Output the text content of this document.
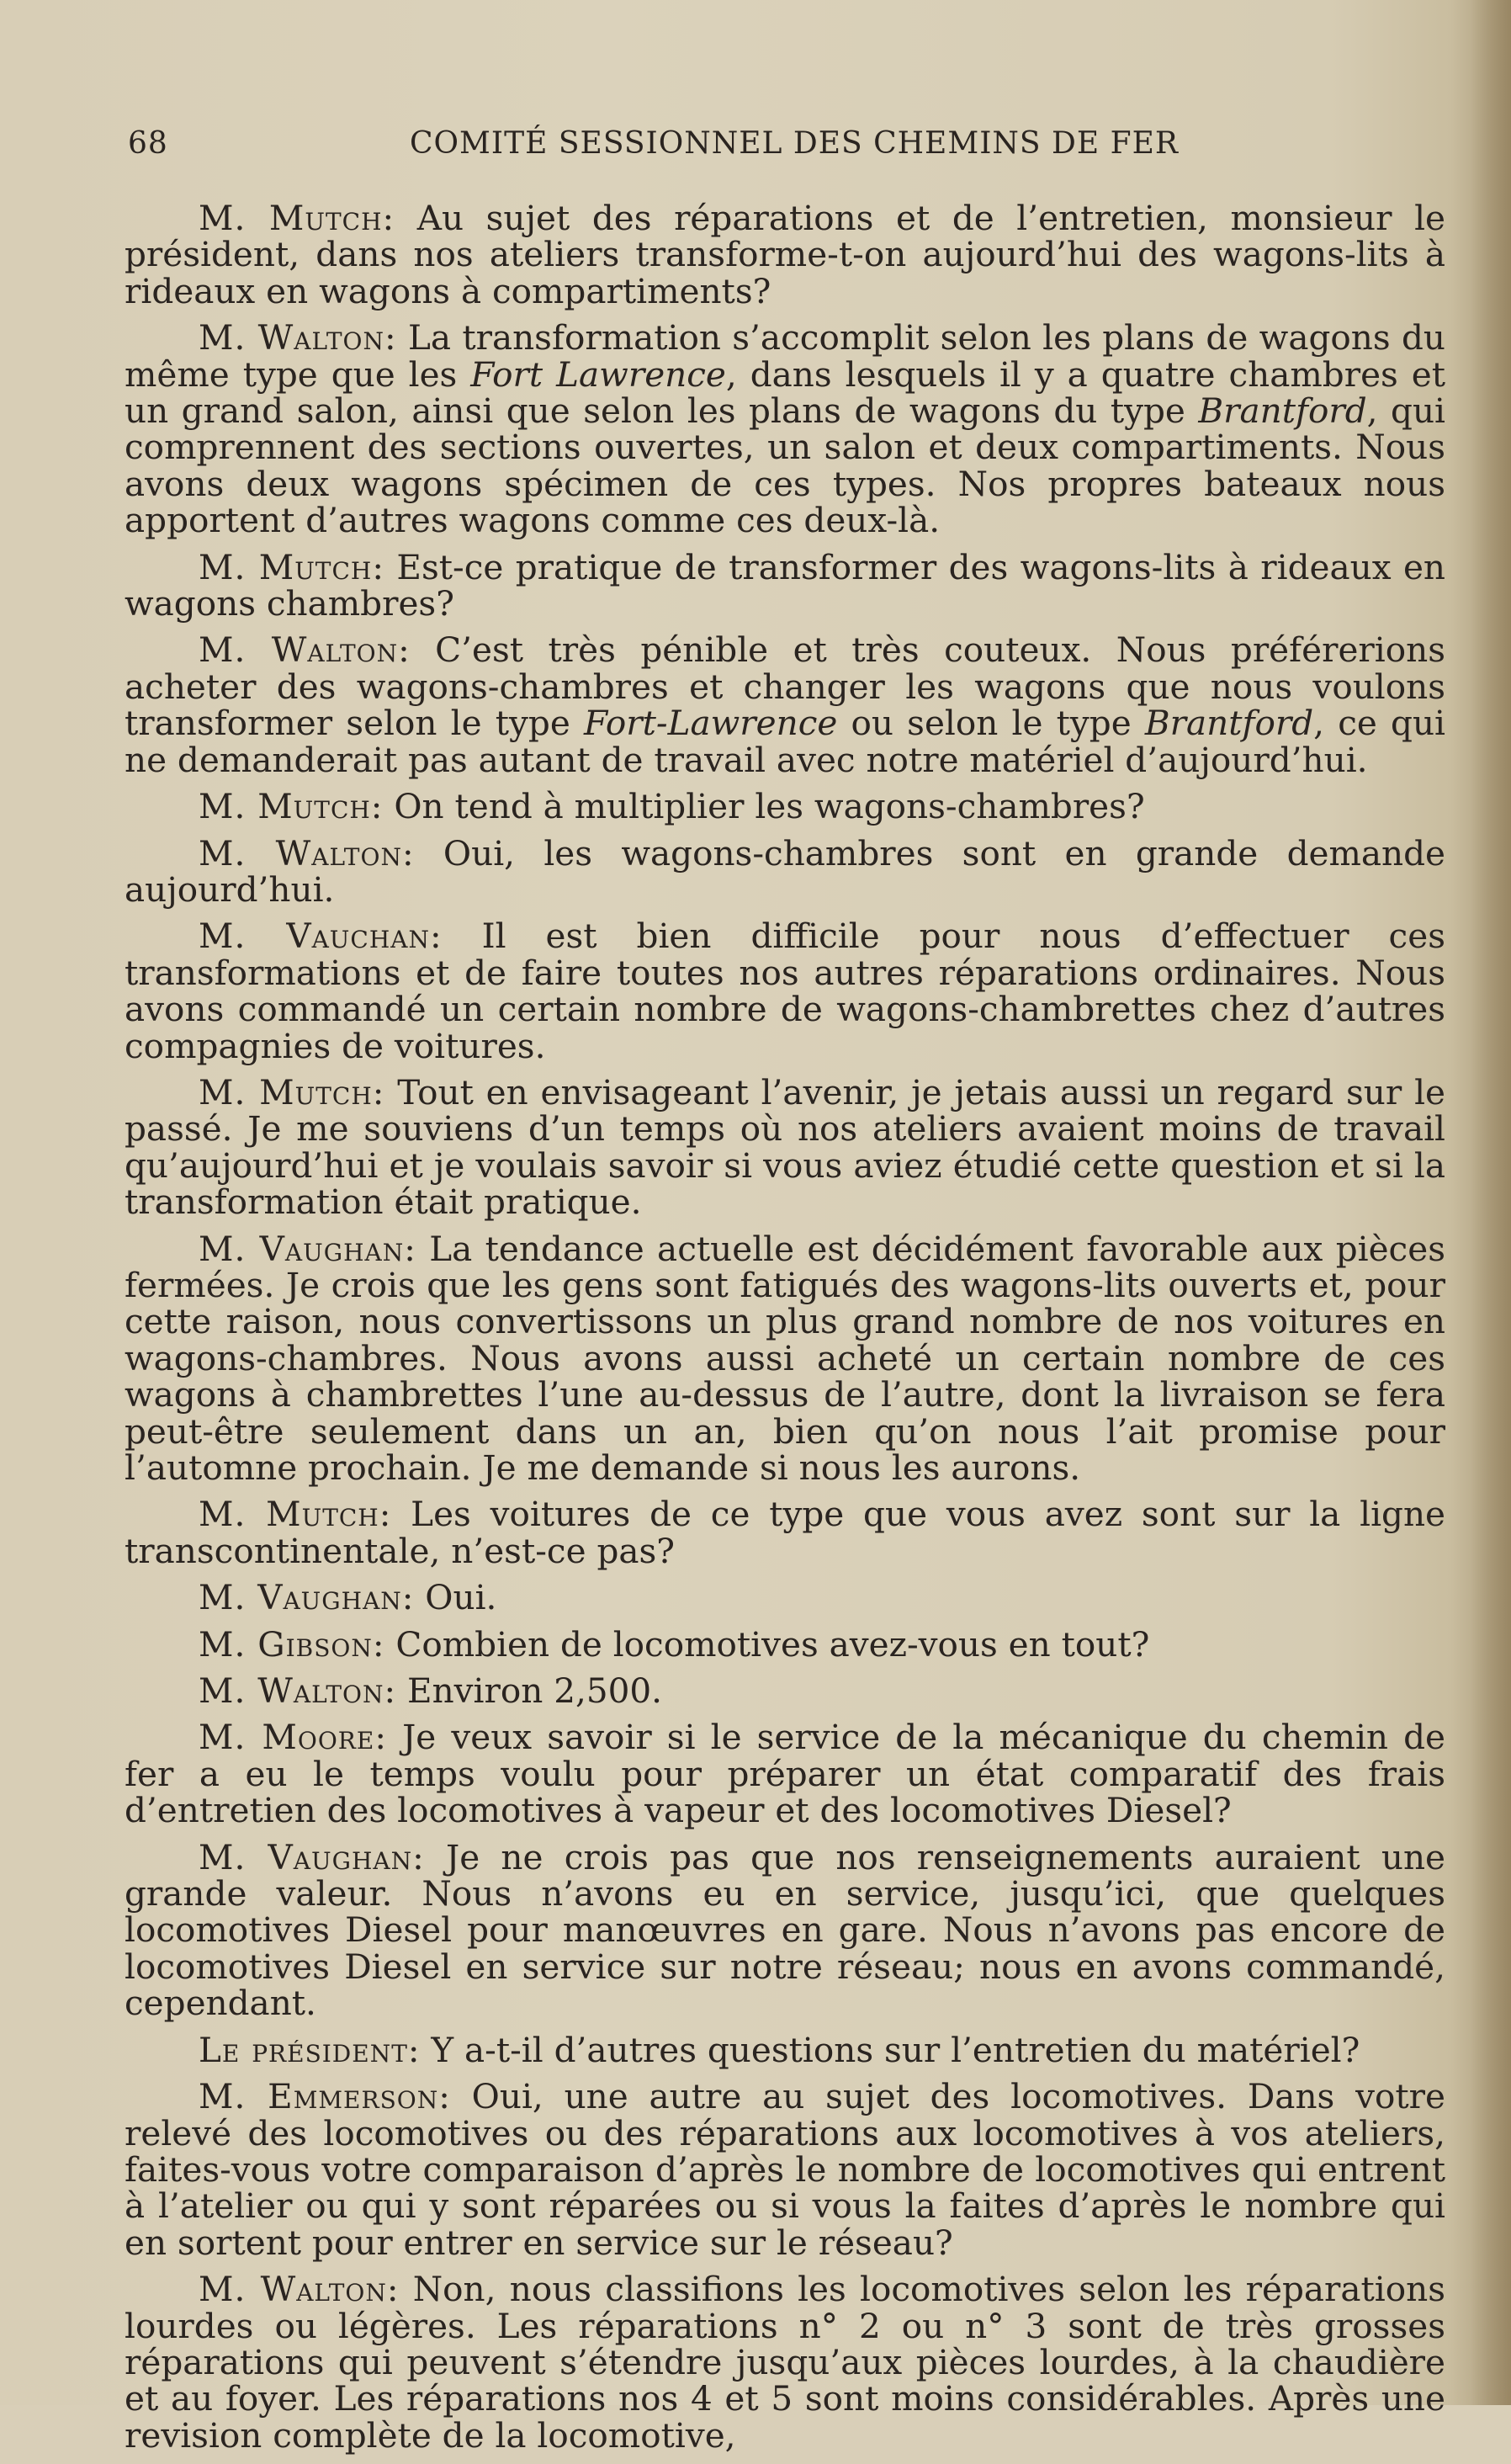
68	COMITÉ SESSIONNEL DES CHEMINS DE FER

M. Mutch: Au sujet des réparations et de l’entretien, monsieur le président, dans nos ateliers transforme-t-on aujourd’hui des wagons-lits à rideaux en wagons à compartiments?

M. Walton: La transformation s’accomplit selon les plans de wagons du même type que les Fort Lawrence, dans lesquels il y a quatre chambres et un grand salon, ainsi que selon les plans de wagons du type Brantford, qui comprennent des sections ouvertes, un salon et deux compartiments. Nous avons deux wagons spécimen de ces types. Nos propres bateaux nous apportent d’autres wagons comme ces deux-là.

M. Mutch: Est-ce pratique de transformer des wagons-lits à rideaux en wagons chambres?

M. Walton: C’est très pénible et très couteux. Nous préférerions acheter des wagons-chambres et changer les wagons que nous voulons transformer selon le type Fort-Lawrence ou selon le type Brantford, ce qui ne demanderait pas autant de travail avec notre matériel d’aujourd’hui.

M. Mutch: On tend à multiplier les wagons-chambres?

M. Walton: Oui, les wagons-chambres sont en grande demande aujourd’hui.

M. Vauchan: Il est bien difficile pour nous d’effectuer ces transformations et de faire toutes nos autres réparations ordinaires. Nous avons commandé un certain nombre de wagons-chambrettes chez d’autres compagnies de voitures.

M. Mutch: Tout en envisageant l’avenir, je jetais aussi un regard sur le passé. Je me souviens d’un temps où nos ateliers avaient moins de travail qu’aujourd’hui et je voulais savoir si vous aviez étudié cette question et si la transformation était pratique.

M. Vaughan: La tendance actuelle est décidément favorable aux pièces fermées. Je crois que les gens sont fatigués des wagons-lits ouverts et, pour cette raison, nous convertissons un plus grand nombre de nos voitures en wagons-chambres. Nous avons aussi acheté un certain nombre de ces wagons à chambrettes l’une au-dessus de l’autre, dont la livraison se fera peut-être seulement dans un an, bien qu’on nous l’ait promise pour l’automne prochain. Je me demande si nous les aurons.

M. Mutch: Les voitures de ce type que vous avez sont sur la ligne transcontinentale, n’est-ce pas?

M. Vaughan: Oui.

M. Gibson: Combien de locomotives avez-vous en tout?

M. Walton: Environ 2,500.

M. Moore: Je veux savoir si le service de la mécanique du chemin de fer a eu le temps voulu pour préparer un état comparatif des frais d’entretien des locomotives à vapeur et des locomotives Diesel?

M. Vaughan: Je ne crois pas que nos renseignements auraient une grande valeur. Nous n’avons eu en service, jusqu’ici, que quelques locomotives Diesel pour manœuvres en gare. Nous n’avons pas encore de locomotives Diesel en service sur notre réseau; nous en avons commandé, cependant.

Le président: Y a-t-il d’autres questions sur l’entretien du matériel?

M. Emmerson: Oui, une autre au sujet des locomotives. Dans votre relevé des locomotives ou des réparations aux locomotives à vos ateliers, faites-vous votre comparaison d’après le nombre de locomotives qui entrent à l’atelier ou qui y sont réparées ou si vous la faites d’après le nombre qui en sortent pour entrer en service sur le réseau?

M. Walton: Non, nous classifions les locomotives selon les réparations lourdes ou légères. Les réparations n° 2 ou n° 3 sont de très grosses réparations qui peuvent s’étendre jusqu’aux pièces lourdes, à la chaudière et au foyer. Les réparations nos 4 et 5 sont moins considérables. Après une revision complète de la locomotive,
